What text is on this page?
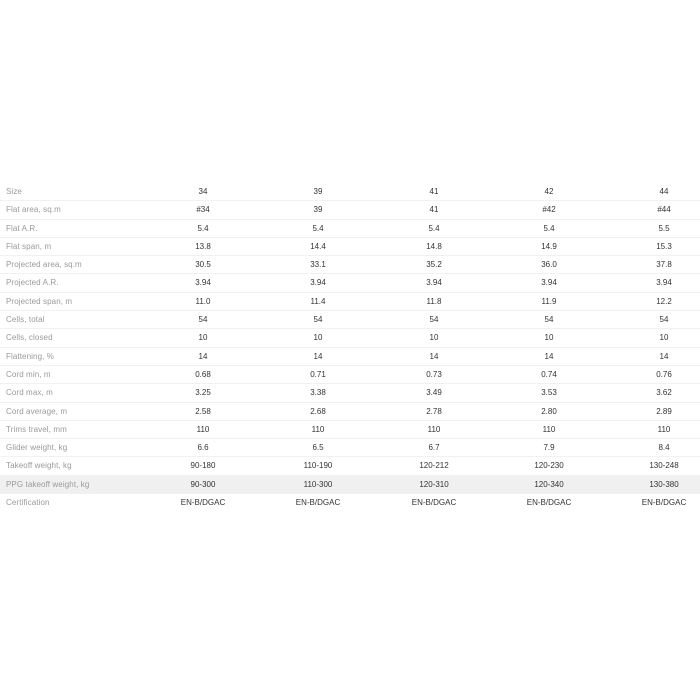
Size	34	39	41	42	44
Flat area, sq.m	#34	39	41	#42	#44
Flat A.R.	5.4	5.4	5.4	5.4	5.5
Flat span, m	13.8	14.4	14.8	14.9	15.3
Projected area, sq.m	30.5	33.1	35.2	36.0	37.8
Projected A.R.	3.94	3.94	3.94	3.94	3.94
Projected span, m	11.0	11.4	11.8	11.9	12.2
Cells, total	54	54	54	54	54
Cells, closed	10	10	10	10	10
Flattening, %	14	14	14	14	14
Cord min, m	0.68	0.71	0.73	0.74	0.76
Cord max, m	3.25	3.38	3.49	3.53	3.62
Cord average, m	2.58	2.68	2.78	2.80	2.89
Trims travel, mm	110	110	110	110	110
Glider weight, kg	6.6	6.5	6.7	7.9	8.4
Takeoff weight, kg	90-180	110-190	120-212	120-230	130-248
PPG takeoff weight, kg	90-300	110-300	120-310	120-340	130-380
Certification	EN-B/DGAC	EN-B/DGAC	EN-B/DGAC	EN-B/DGAC	EN-B/DGAC
